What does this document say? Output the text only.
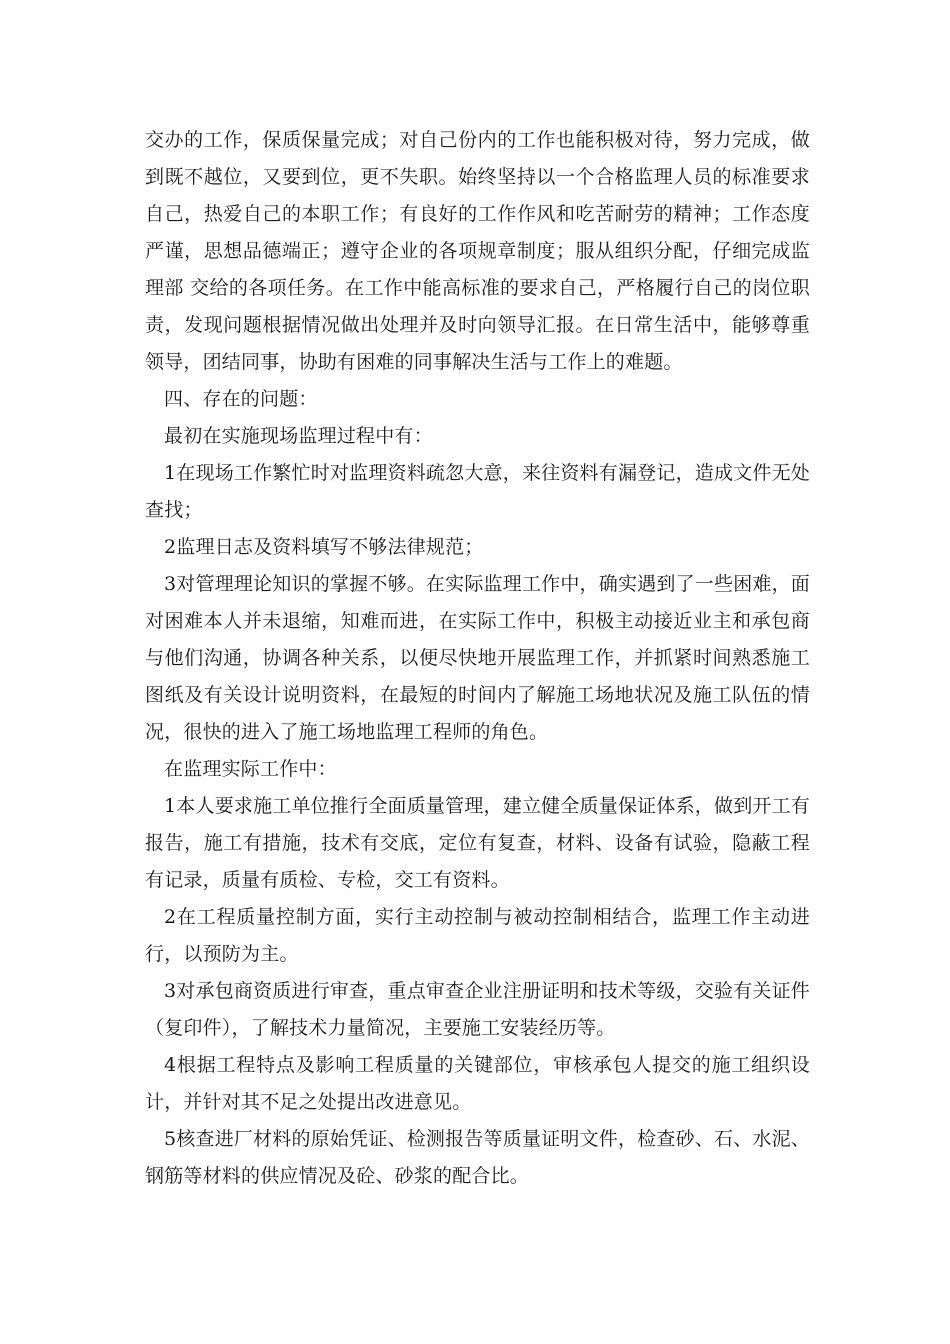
交办的工作，保质保量完成；对自己份内的工作也能积极对待，努力完成，做到既不越位，又要到位，更不失职。始终坚持以一个合格监理人员的标准要求自己，热爱自己的本职工作；有良好的工作作风和吃苦耐劳的精神；工作态度严谨，思想品德端正；遵守企业的各项规章制度；服从组织分配，仔细完成监理部 交给的各项任务。在工作中能高标准的要求自己，严格履行自己的岗位职责，发现问题根据情况做出处理并及时向领导汇报。在日常生活中，能够尊重领导，团结同事，协助有困难的同事解决生活与工作上的难题。

四、存在的问题：

最初在实施现场监理过程中有：

1在现场工作繁忙时对监理资料疏忽大意，来往资料有漏登记，造成文件无处查找；

2监理日志及资料填写不够法律规范；

3对管理理论知识的掌握不够。在实际监理工作中，确实遇到了一些困难，面对困难本人并未退缩，知难而进，在实际工作中，积极主动接近业主和承包商与他们沟通，协调各种关系，以便尽快地开展监理工作，并抓紧时间熟悉施工图纸及有关设计说明资料，在最短的时间内了解施工场地状况及施工队伍的情况，很快的进入了施工场地监理工程师的角色。

在监理实际工作中：

1本人要求施工单位推行全面质量管理，建立健全质量保证体系，做到开工有报告，施工有措施，技术有交底，定位有复查，材料、设备有试验，隐蔽工程有记录，质量有质检、专检，交工有资料。

2在工程质量控制方面，实行主动控制与被动控制相结合，监理工作主动进行，以预防为主。

3对承包商资质进行审查，重点审查企业注册证明和技术等级，交验有关证件（复印件），了解技术力量简况，主要施工安装经历等。

4根据工程特点及影响工程质量的关键部位，审核承包人提交的施工组织设计，并针对其不足之处提出改进意见。

5核查进厂材料的原始凭证、检测报告等质量证明文件，检查砂、石、水泥、钢筋等材料的供应情况及砼、砂浆的配合比。
